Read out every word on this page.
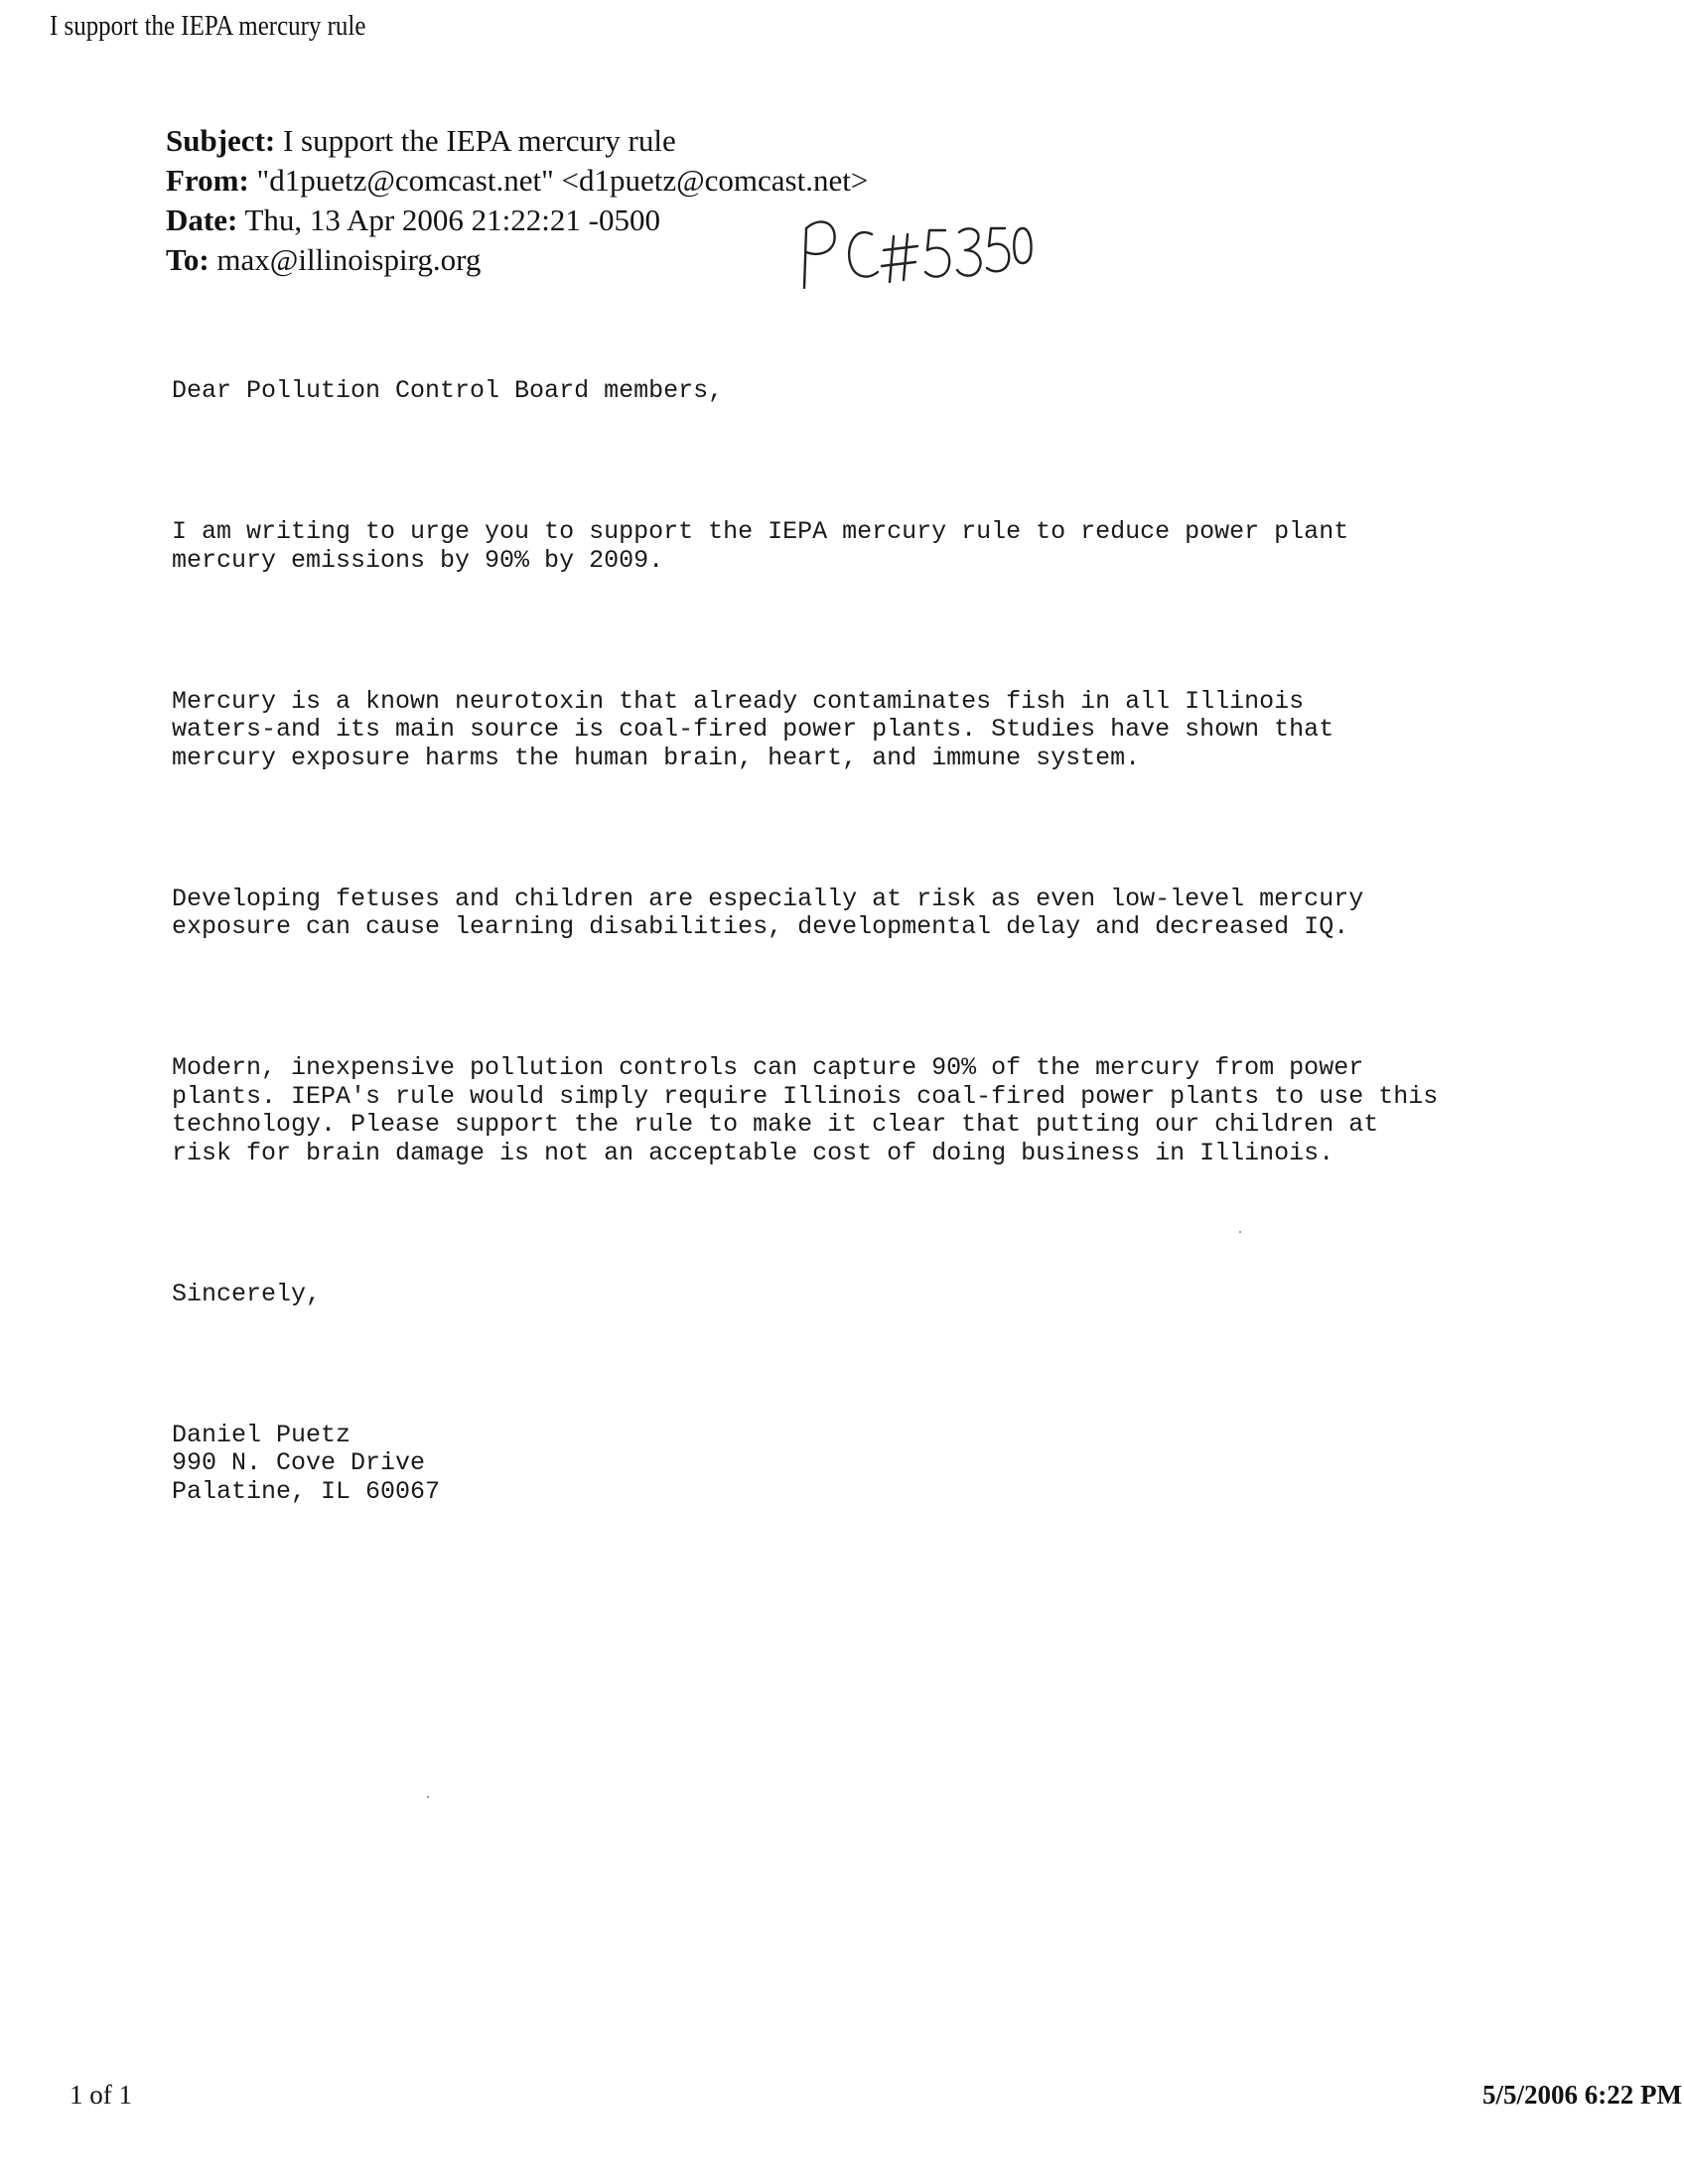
I support the IEPA mercury rule
Subject: I support the IEPA mercury rule
From: "d1puetz@comcast.net" <d1puetz@comcast.net>
Date: Thu, 13 Apr 2006 21:22:21 -0500
To: max@illinoispirg.org

Dear Pollution Control Board members,

I am writing to urge you to support the IEPA mercury rule to reduce power plant
mercury emissions by 90% by 2009.

Mercury is a known neurotoxin that already contaminates fish in all Illinois
waters-and its main source is coal-fired power plants. Studies have shown that
mercury exposure harms the human brain, heart, and immune system.

Developing fetuses and children are especially at risk as even low-level mercury
exposure can cause learning disabilities, developmental delay and decreased IQ.

Modern, inexpensive pollution controls can capture 90% of the mercury from power
plants. IEPA's rule would simply require Illinois coal-fired power plants to use this
technology. Please support the rule to make it clear that putting our children at
risk for brain damage is not an acceptable cost of doing business in Illinois.

Sincerely,

Daniel Puetz
990 N. Cove Drive
Palatine, IL 60067

1 of 1	5/5/2006 6:22 PM
